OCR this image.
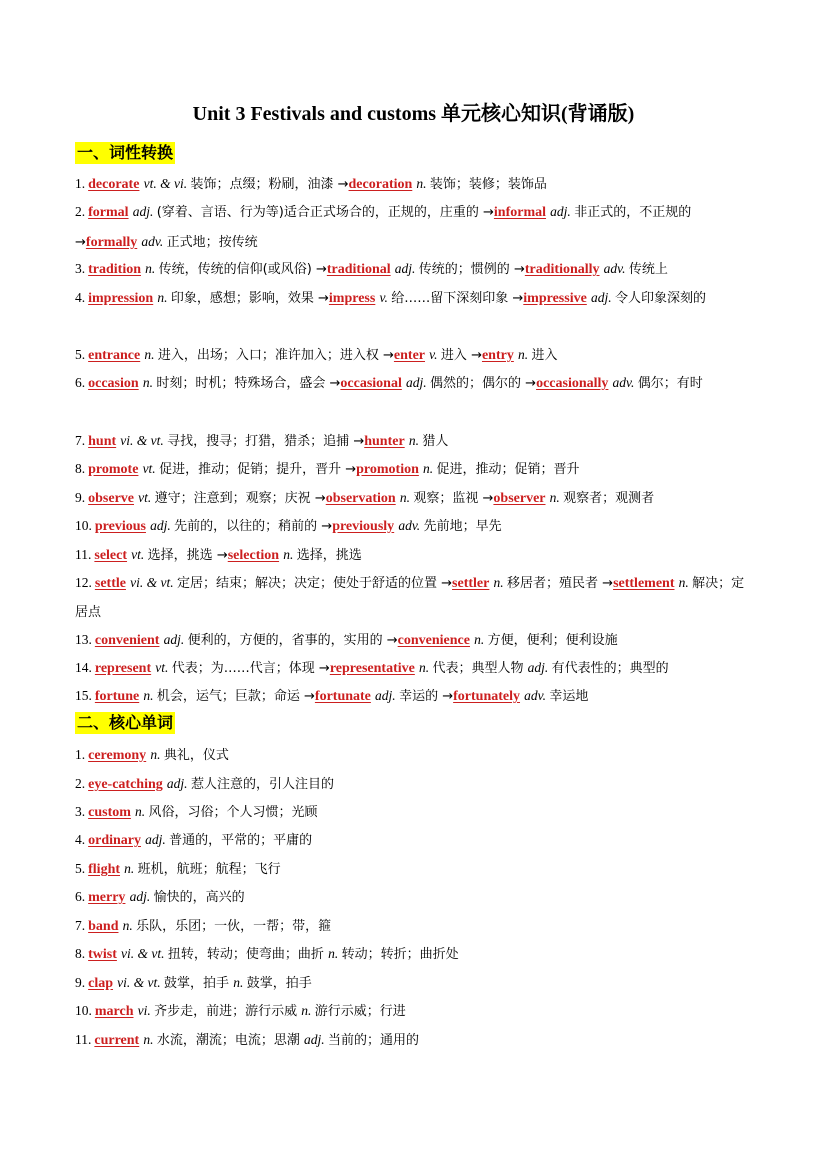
Unit 3 Festivals and customs 单元核心知识(背诵版)
一、词性转换
1. decorate vt. & vi. 装饰；点缀；粉刷，油漆 →decoration n. 装饰；装修；装饰品
2. formal adj. (穿着、言语、行为等)适合正式场合的，正规的，庄重的 →informal adj. 非正式的，不正规的 →formally adv. 正式地；按传统
3. tradition n. 传统，传统的信仰(或风俗) →traditional adj. 传统的；惯例的 →traditionally adv. 传统上
4. impression n. 印象，感想；影响，效果 →impress v. 给……留下深刻印象 →impressive adj. 令人印象深刻的
5. entrance n. 进入，出场；入口；准许加入；进入权 →enter v. 进入 →entry n. 进入
6. occasion n. 时刻；时机；特殊场合，盛会 →occasional adj. 偶然的；偶尔的 →occasionally adv. 偶尔；有时
7. hunt vi. & vt. 寻找，搜寻；打猎，猎杀；追捕 →hunter n. 猎人
8. promote vt. 促进，推动；促销；提升，晋升 →promotion n. 促进，推动；促销；晋升
9. observe vt. 遵守；注意到；观察；庆祝 →observation n. 观察；监视 →observer n. 观察者；观测者
10. previous adj. 先前的，以往的；稍前的 →previously adv. 先前地；早先
11. select vt. 选择，挑选 →selection n. 选择，挑选
12. settle vi. & vt. 定居；结束；解决；决定；使处于舒适的位置 →settler n. 移居者；殖民者 →settlement n. 解决；定居点
13. convenient adj. 便利的，方便的，省事的，实用的 →convenience n. 方便，便利；便利设施
14. represent vt. 代表；为……代言；体现 →representative n. 代表；典型人物 adj. 有代表性的；典型的
15. fortune n. 机会，运气；巨款；命运 →fortunate adj. 幸运的 →fortunately adv. 幸运地
二、核心单词
1. ceremony n. 典礼，仪式
2. eye-catching adj. 惹人注意的，引人注目的
3. custom n. 风俗，习俗；个人习惯；光顾
4. ordinary adj. 普通的，平常的；平庸的
5. flight n. 班机，航班；航程；飞行
6. merry adj. 愉快的，高兴的
7. band n. 乐队，乐团；一伙，一帮；带，箍
8. twist vi. & vt. 扭转，转动；使弯曲；曲折 n. 转动；转折；曲折处
9. clap vi. & vt. 鼓掌，拍手 n. 鼓掌，拍手
10. march vi. 齐步走，前进；游行示威 n. 游行示威；行进
11. current n. 水流，潮流；电流；思潮 adj. 当前的；通用的
